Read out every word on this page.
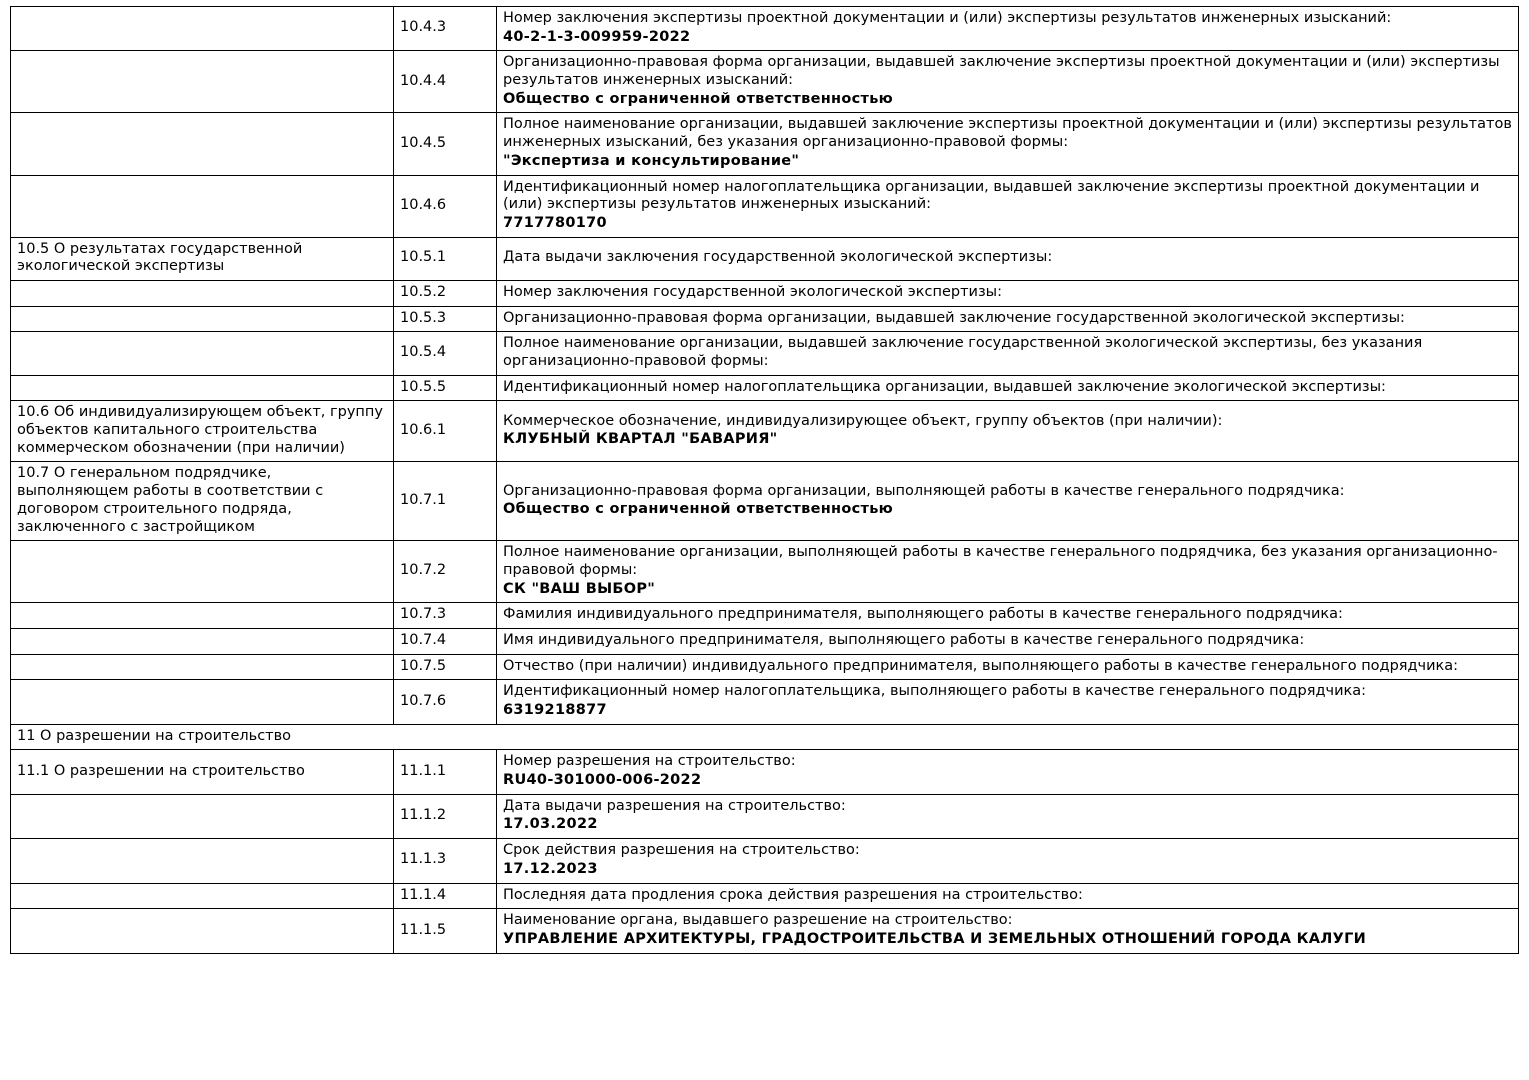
	10.4.3	Номер заключения экспертизы проектной документации и (или) экспертизы результатов инженерных изысканий:
40-2-1-3-009959-2022

	10.4.4	Организационно-правовая форма организации, выдавшей заключение экспертизы проектной документации и (или) экспертизы результатов инженерных изысканий:
Общество с ограниченной ответственностью

	10.4.5	Полное наименование организации, выдавшей заключение экспертизы проектной документации и (или) экспертизы результатов инженерных изысканий, без указания организационно-правовой формы:
"Экспертиза и консультирование"

	10.4.6	Идентификационный номер налогоплательщика организации, выдавшей заключение экспертизы проектной документации и (или) экспертизы результатов инженерных изысканий:
7717780170

10.5 О результатах государственной экологической экспертизы	10.5.1	Дата выдачи заключения государственной экологической экспертизы:

	10.5.2	Номер заключения государственной экологической экспертизы:

	10.5.3	Организационно-правовая форма организации, выдавшей заключение государственной экологической экспертизы:

	10.5.4	Полное наименование организации, выдавшей заключение государственной экологической экспертизы, без указания организационно-правовой формы:

	10.5.5	Идентификационный номер налогоплательщика организации, выдавшей заключение экологической экспертизы:

10.6 Об индивидуализирующем объект, группу объектов капитального строительства коммерческом обозначении (при наличии)	10.6.1	Коммерческое обозначение, индивидуализирующее объект, группу объектов (при наличии):
КЛУБНЫЙ КВАРТАЛ "БАВАРИЯ"

10.7 О генеральном подрядчике, выполняющем работы в соответствии с договором строительного подряда, заключенного с застройщиком	10.7.1	Организационно-правовая форма организации, выполняющей работы в качестве генерального подрядчика:
Общество с ограниченной ответственностью

	10.7.2	Полное наименование организации, выполняющей работы в качестве генерального подрядчика, без указания организационно-правовой формы:
СК "ВАШ ВЫБОР"

	10.7.3	Фамилия индивидуального предпринимателя, выполняющего работы в качестве генерального подрядчика:

	10.7.4	Имя индивидуального предпринимателя, выполняющего работы в качестве генерального подрядчика:

	10.7.5	Отчество (при наличии) индивидуального предпринимателя, выполняющего работы в качестве генерального подрядчика:

	10.7.6	Идентификационный номер налогоплательщика, выполняющего работы в качестве генерального подрядчика:
6319218877

11 О разрешении на строительство		
11.1 О разрешении на строительство	11.1.1	Номер разрешения на строительство:
RU40-301000-006-2022

	11.1.2	Дата выдачи разрешения на строительство:
17.03.2022

	11.1.3	Срок действия разрешения на строительство:
17.12.2023

	11.1.4	Последняя дата продления срока действия разрешения на строительство:

	11.1.5	Наименование органа, выдавшего разрешение на строительство:
УПРАВЛЕНИЕ АРХИТЕКТУРЫ, ГРАДОСТРОИТЕЛЬСТВА И ЗЕМЕЛЬНЫХ ОТНОШЕНИЙ ГОРОДА КАЛУГИ
